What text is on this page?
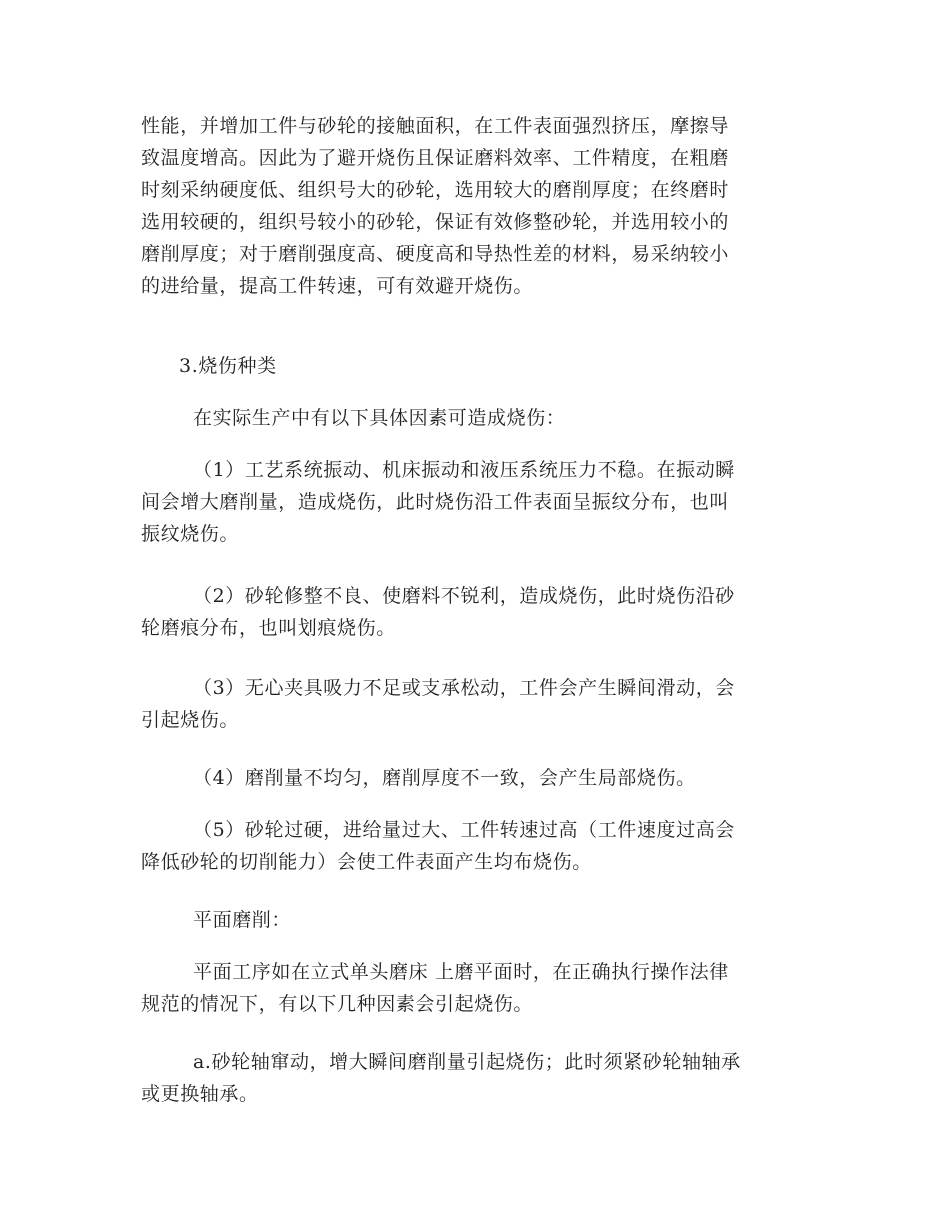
性能，并增加工件与砂轮的接触面积，在工件表面强烈挤压，摩擦导
致温度增高。因此为了避开烧伤且保证磨料效率、工件精度，在粗磨
时刻采纳硬度低、组织号大的砂轮，选用较大的磨削厚度；在终磨时
选用较硬的，组织号较小的砂轮，保证有效修整砂轮，并选用较小的
磨削厚度；对于磨削强度高、硬度高和导热性差的材料，易采纳较小
的进给量，提高工件转速，可有效避开烧伤。
3.烧伤种类
在实际生产中有以下具体因素可造成烧伤：
（1）工艺系统振动、机床振动和液压系统压力不稳。在振动瞬
间会增大磨削量，造成烧伤，此时烧伤沿工件表面呈振纹分布，也叫
振纹烧伤。
（2）砂轮修整不良、使磨料不锐利，造成烧伤，此时烧伤沿砂
轮磨痕分布，也叫划痕烧伤。
（3）无心夹具吸力不足或支承松动，工件会产生瞬间滑动，会
引起烧伤。
（4）磨削量不均匀，磨削厚度不一致，会产生局部烧伤。
（5）砂轮过硬，进给量过大、工件转速过高（工件速度过高会
降低砂轮的切削能力）会使工件表面产生均布烧伤。
平面磨削：
平面工序如在立式单头磨床 上磨平面时，在正确执行操作法律
规范的情况下，有以下几种因素会引起烧伤。
a.砂轮轴窜动，增大瞬间磨削量引起烧伤；此时须紧砂轮轴轴承
或更换轴承。
